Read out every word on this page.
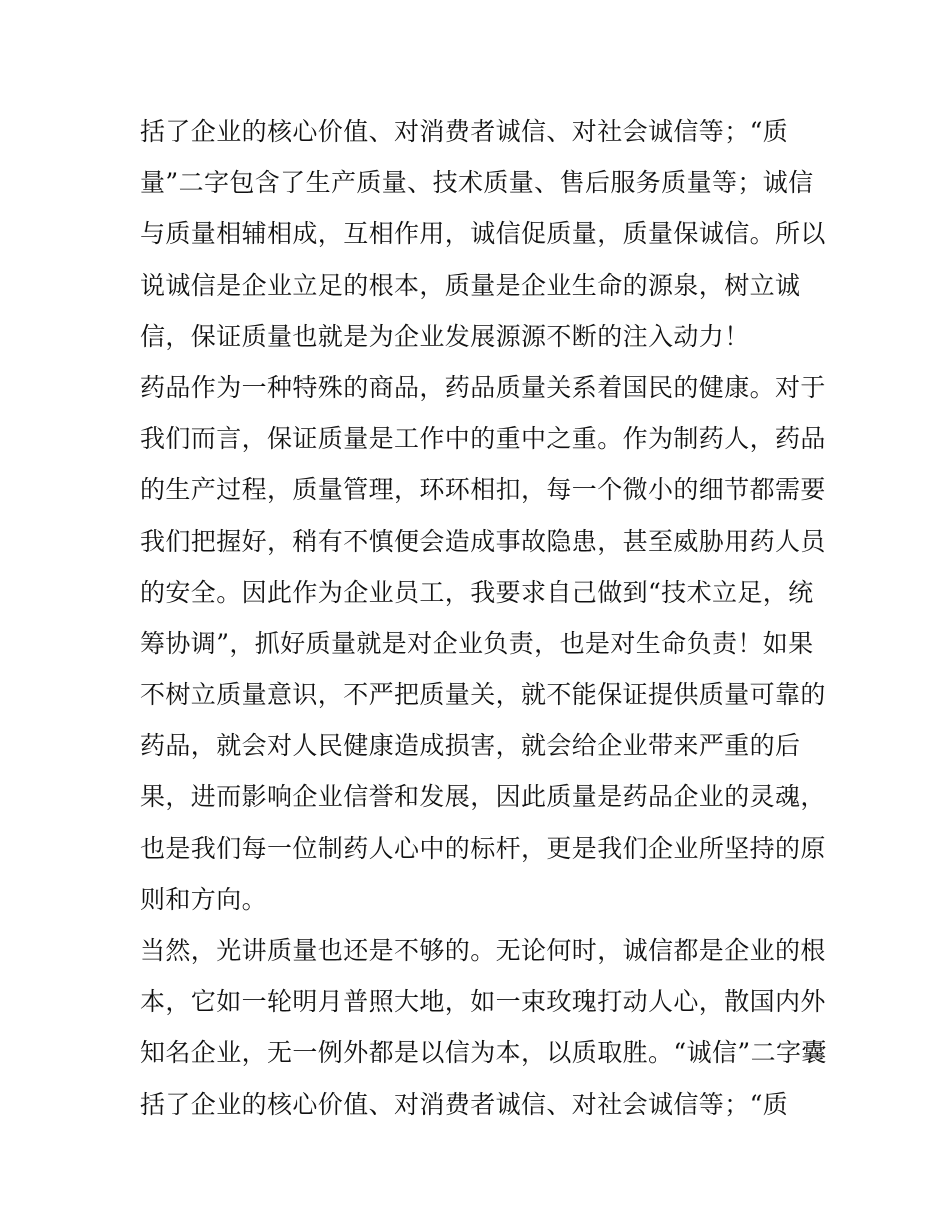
括了企业的核心价值、对消费者诚信、对社会诚信等；“质
量”二字包含了生产质量、技术质量、售后服务质量等；诚信
与质量相辅相成，互相作用，诚信促质量，质量保诚信。所以
说诚信是企业立足的根本，质量是企业生命的源泉，树立诚
信，保证质量也就是为企业发展源源不断的注入动力！
药品作为一种特殊的商品，药品质量关系着国民的健康。对于
我们而言，保证质量是工作中的重中之重。作为制药人，药品
的生产过程，质量管理，环环相扣，每一个微小的细节都需要
我们把握好，稍有不慎便会造成事故隐患，甚至威胁用药人员
的安全。因此作为企业员工，我要求自己做到“技术立足，统
筹协调”，抓好质量就是对企业负责，也是对生命负责！如果
不树立质量意识，不严把质量关，就不能保证提供质量可靠的
药品，就会对人民健康造成损害，就会给企业带来严重的后
果，进而影响企业信誉和发展，因此质量是药品企业的灵魂，
也是我们每一位制药人心中的标杆，更是我们企业所坚持的原
则和方向。
当然，光讲质量也还是不够的。无论何时，诚信都是企业的根
本，它如一轮明月普照大地，如一束玫瑰打动人心，散国内外
知名企业，无一例外都是以信为本，以质取胜。“诚信”二字囊
括了企业的核心价值、对消费者诚信、对社会诚信等；“质
